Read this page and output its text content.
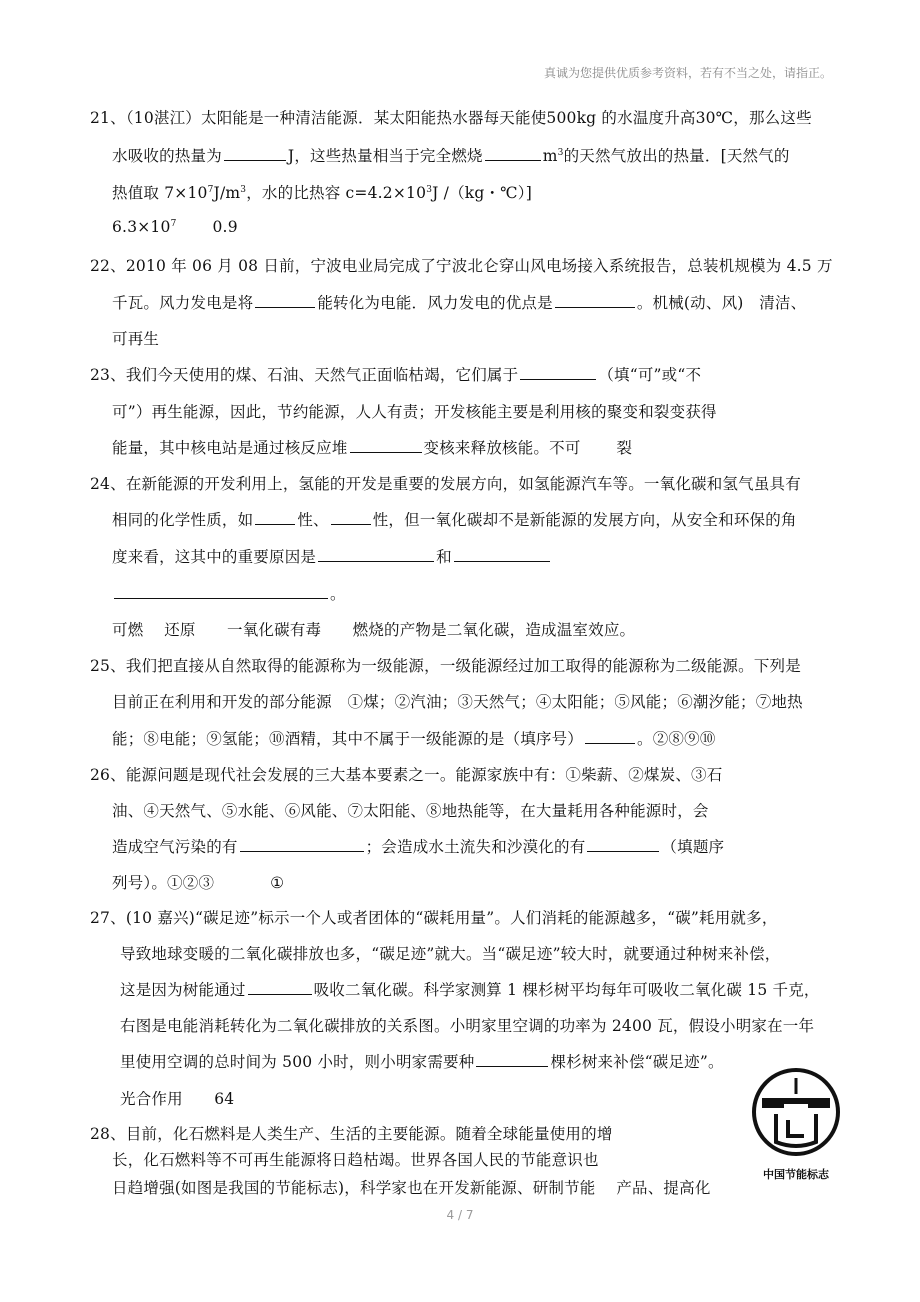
真诚为您提供优质参考资料，若有不当之处，请指正。
21、（10湛江）太阳能是一种清洁能源．某太阳能热水器每天能使500kg 的水温度升高30℃，那么这些
水吸收的热量为	J，这些热量相当于完全燃烧	$m^3$的天然气放出的热量．[天然气的
热值取 $7\times 10^7J/m^3$，水的比热容 $c=4.2\times 10^3J$ /（kg・℃）]
$6.3\times 10^7$ 0.9
22、2010 年 06 月 08 日前，宁波电业局完成了宁波北仑穿山风电场接入系统报告，总装机规模为 4.5 万
千瓦。风力发电是将	能转化为电能．风力发电的优点是	。机械(动、风)　清洁、
可再生
23、我们今天使用的煤、石油、天然气正面临枯竭，它们属于	（填“可”或“不
可”）再生能源，因此，节约能源，人人有责；开发核能主要是利用核的聚变和裂变获得
能量，其中核电站是通过核反应堆	变核来释放核能。不可 裂
24、在新能源的开发利用上，氢能的开发是重要的发展方向，如氢能源汽车等。一氧化碳和氢气虽具有
相同的化学性质，如	性、	性，但一氧化碳却不是新能源的发展方向，从安全和环保的角
度来看，这其中的重要原因是	和
。
可燃　 还原　　一氧化碳有毒　　燃烧的产物是二氧化碳，造成温室效应。
25、我们把直接从自然取得的能源称为一级能源，一级能源经过加工取得的能源称为二级能源。下列是
目前正在利用和开发的部分能源　①煤；②汽油；③天然气；④太阳能；⑤风能；⑥潮汐能；⑦地热
能；⑧电能；⑨氢能；⑩酒精，其中不属于一级能源的是（填序号）	。②⑧⑨⑩
26、能源问题是现代社会发展的三大基本要素之一。能源家族中有：①柴薪、②煤炭、③石
油、④天然气、⑤水能、⑥风能、⑦太阳能、⑧地热能等，在大量耗用各种能源时，会
造成空气污染的有	；会造成水土流失和沙漠化的有	（填题序
列号）。①②③	①
27、(10 嘉兴)“碳足迹”标示一个人或者团体的“碳耗用量”。人们消耗的能源越多，“碳”耗用就多，
导致地球变暖的二氧化碳排放也多，“碳足迹”就大。当“碳足迹”较大时，就要通过种树来补偿，
这是因为树能通过	吸收二氧化碳。科学家测算 1 棵杉树平均每年可吸收二氧化碳 15 千克，
右图是电能消耗转化为二氧化碳排放的关系图。小明家里空调的功率为 2400 瓦，假设小明家在一年
里使用空调的总时间为 500 小时，则小明家需要种	棵杉树来补偿“碳足迹”。
光合作用　　64
28、目前，化石燃料是人类生产、生活的主要能源。随着全球能量使用的增
长，化石燃料等不可再生能源将日趋枯竭。世界各国人民的节能意识也
日趋增强(如图是我国的节能标志)，科学家也在开发新能源、研制节能　 产品、提高化
中国节能标志
4 / 7
